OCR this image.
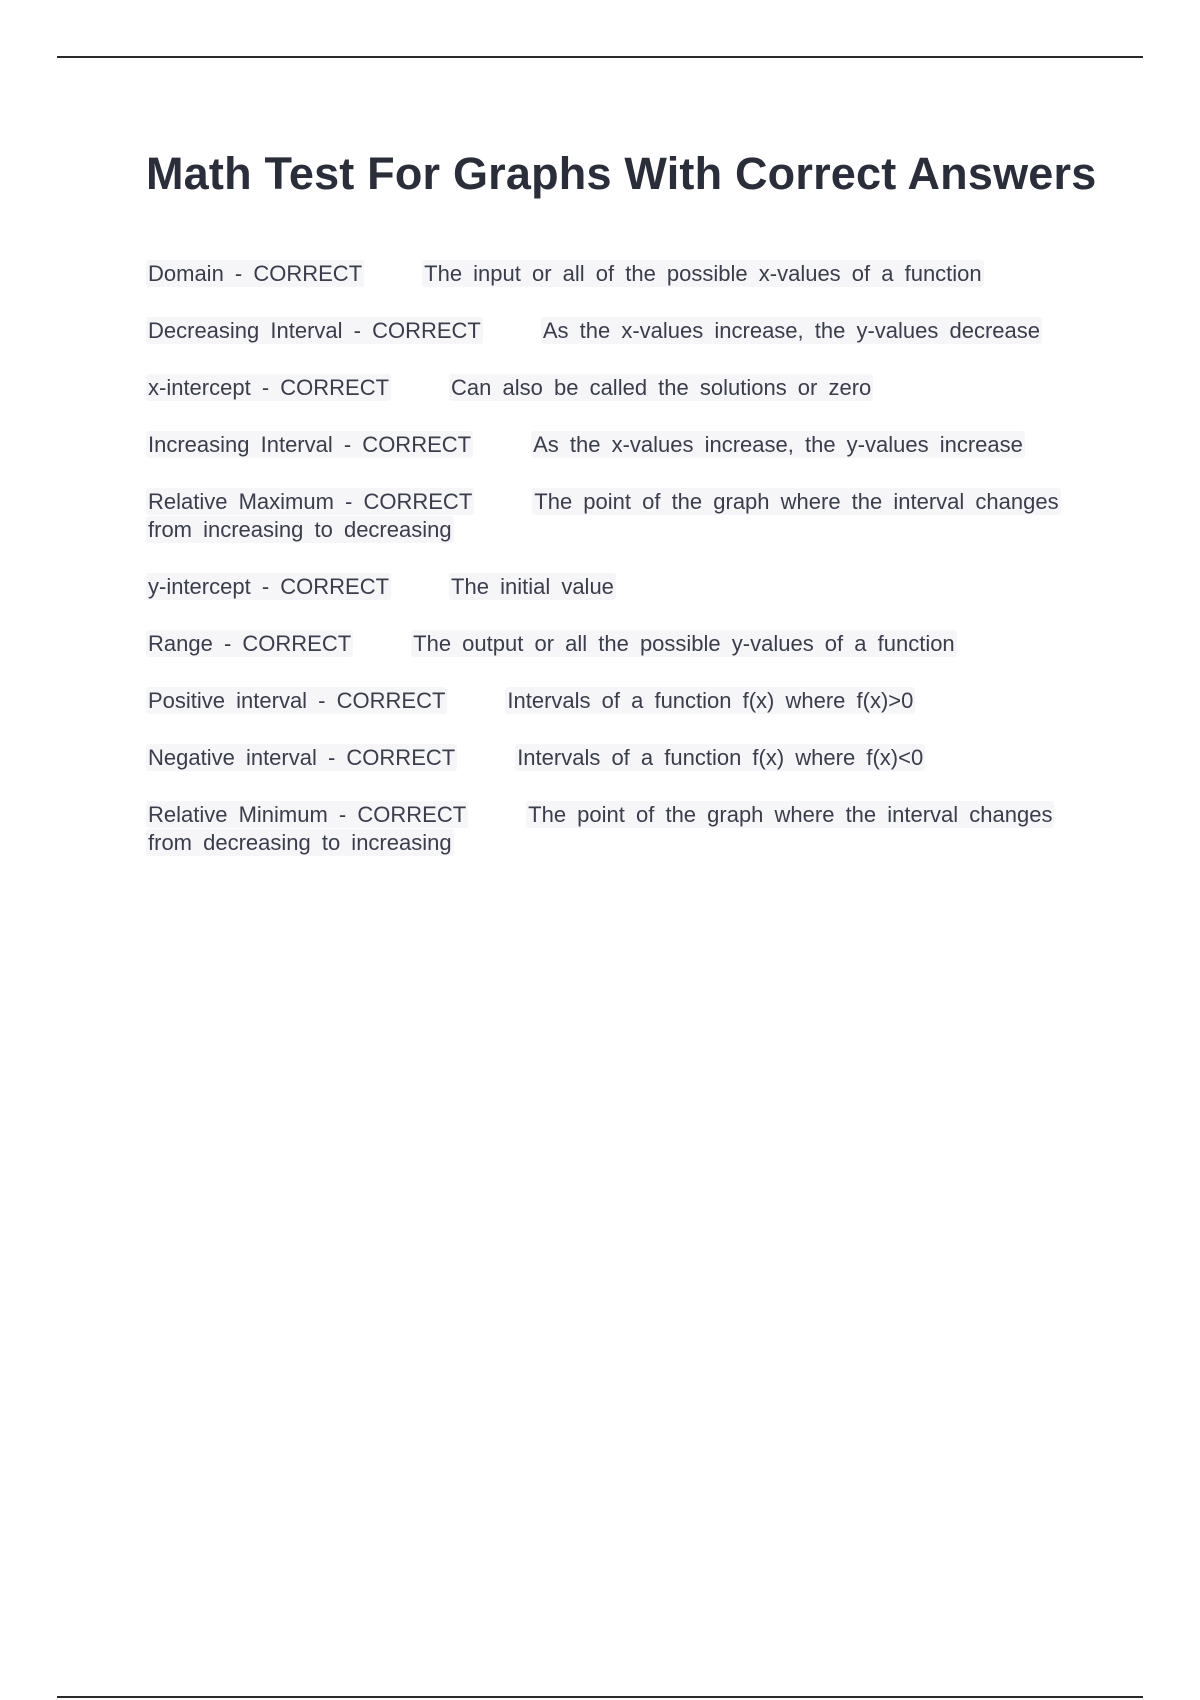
Math Test For Graphs With Correct Answers
Domain - CORRECT	The input or all of the possible x-values of a function
Decreasing Interval - CORRECT	As the x-values increase, the y-values decrease
x-intercept - CORRECT	Can also be called the solutions or zero
Increasing Interval - CORRECT	As the x-values increase, the y-values increase
Relative Maximum - CORRECT	The point of the graph where the interval changes from increasing to decreasing
y-intercept - CORRECT	The initial value
Range - CORRECT	The output or all the possible y-values of a function
Positive interval - CORRECT	Intervals of a function f(x) where f(x)>0
Negative interval - CORRECT	Intervals of a function f(x) where f(x)<0
Relative Minimum - CORRECT	The point of the graph where the interval changes from decreasing to increasing
